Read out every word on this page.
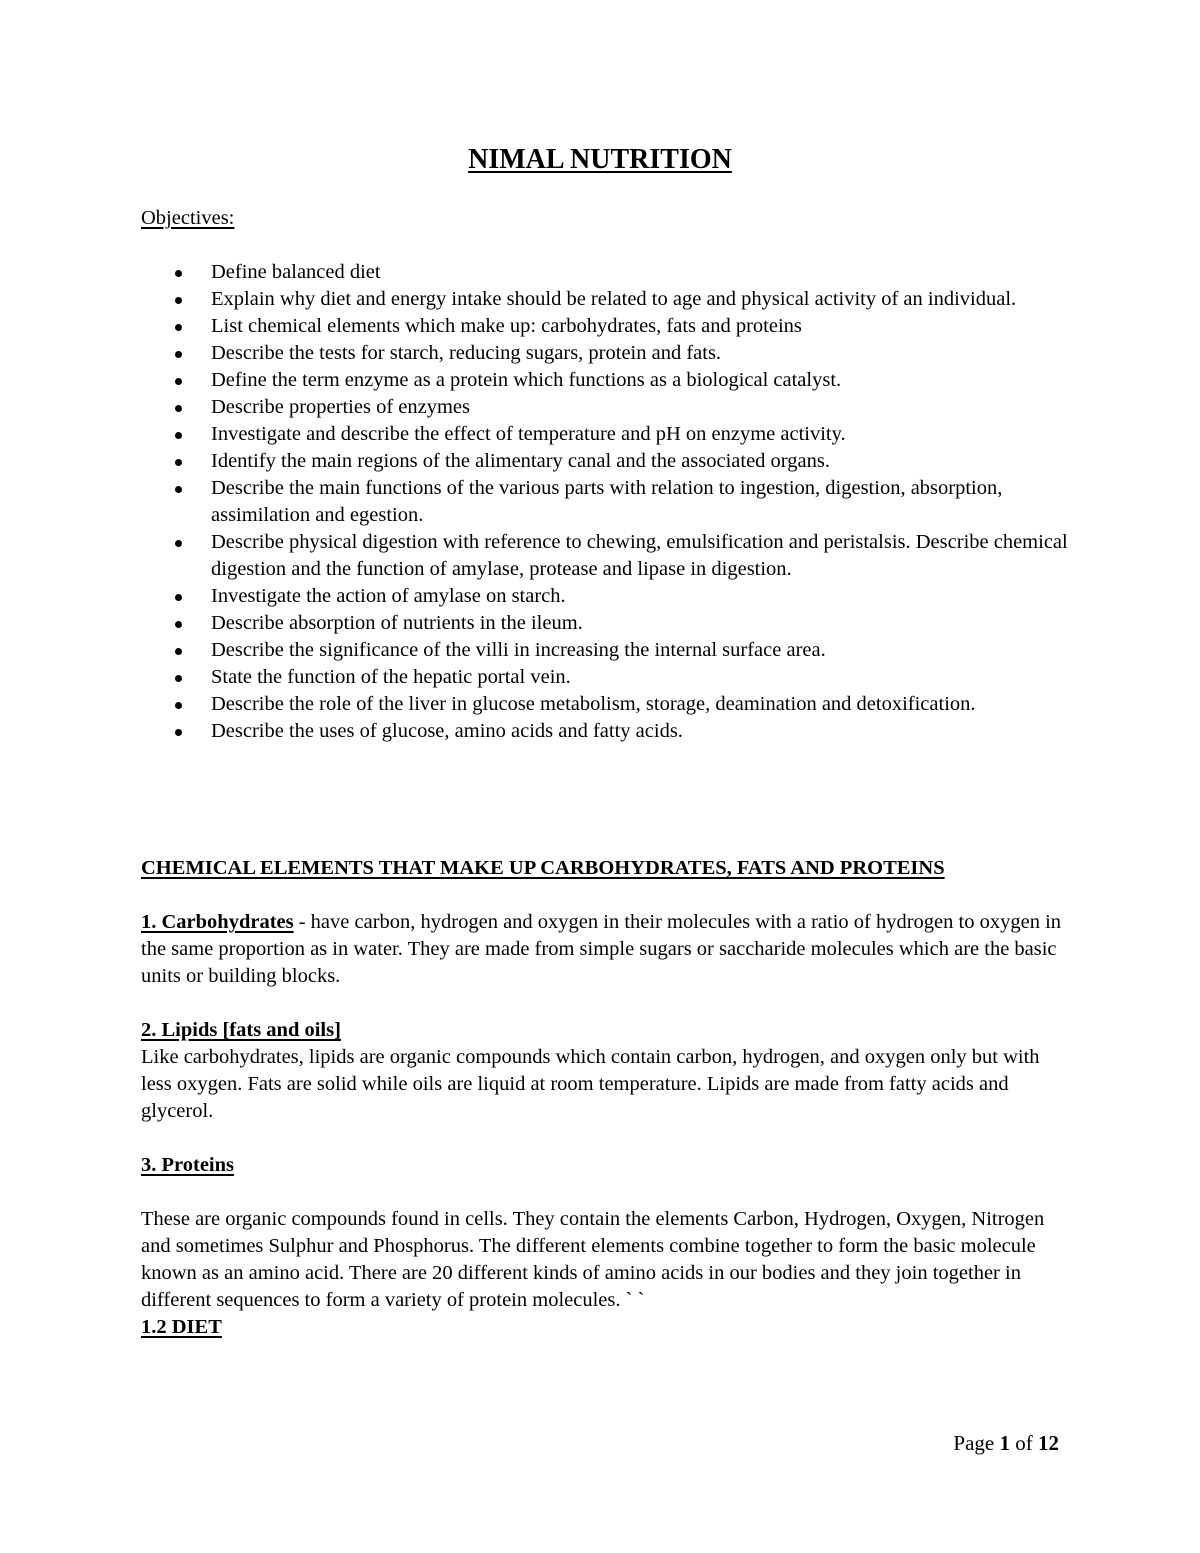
NIMAL NUTRITION
Objectives:
Define balanced diet
Explain why diet and energy intake should be related to age and physical activity of an individual.
List chemical elements which make up: carbohydrates, fats and proteins
Describe the tests for starch, reducing sugars, protein and fats.
Define the term enzyme as a protein which functions as a biological catalyst.
Describe properties of enzymes
Investigate and describe the effect of temperature and pH on enzyme activity.
Identify the main regions of the alimentary canal and the associated organs.
Describe the main functions of the various parts with relation to ingestion, digestion, absorption, assimilation and egestion.
Describe physical digestion with reference to chewing, emulsification and peristalsis. Describe chemical digestion and the function of amylase, protease and lipase in digestion.
Investigate the action of amylase on starch.
Describe absorption of nutrients in the ileum.
Describe the significance of the villi in increasing the internal surface area.
State the function of the hepatic portal vein.
Describe the role of the liver in glucose metabolism, storage, deamination and detoxification.
Describe the uses of glucose, amino acids and fatty acids.

CHEMICAL ELEMENTS THAT MAKE UP CARBOHYDRATES, FATS AND PROTEINS

1. Carbohydrates - have carbon, hydrogen and oxygen in their molecules with a ratio of hydrogen to oxygen in the same proportion as in water. They are made from simple sugars or saccharide molecules which are the basic units or building blocks.

2. Lipids [fats and oils]

Like carbohydrates, lipids are organic compounds which contain carbon, hydrogen, and oxygen only but with less oxygen. Fats are solid while oils are liquid at room temperature. Lipids are made from fatty acids and glycerol.

3. Proteins

These are organic compounds found in cells. They contain the elements Carbon, Hydrogen, Oxygen, Nitrogen and sometimes Sulphur and Phosphorus. The different elements combine together to form the basic molecule known as an amino acid. There are 20 different kinds of amino acids in our bodies and they join together in different sequences to form a variety of protein molecules. ` `

1.2 DIET

Page 1 of 12
